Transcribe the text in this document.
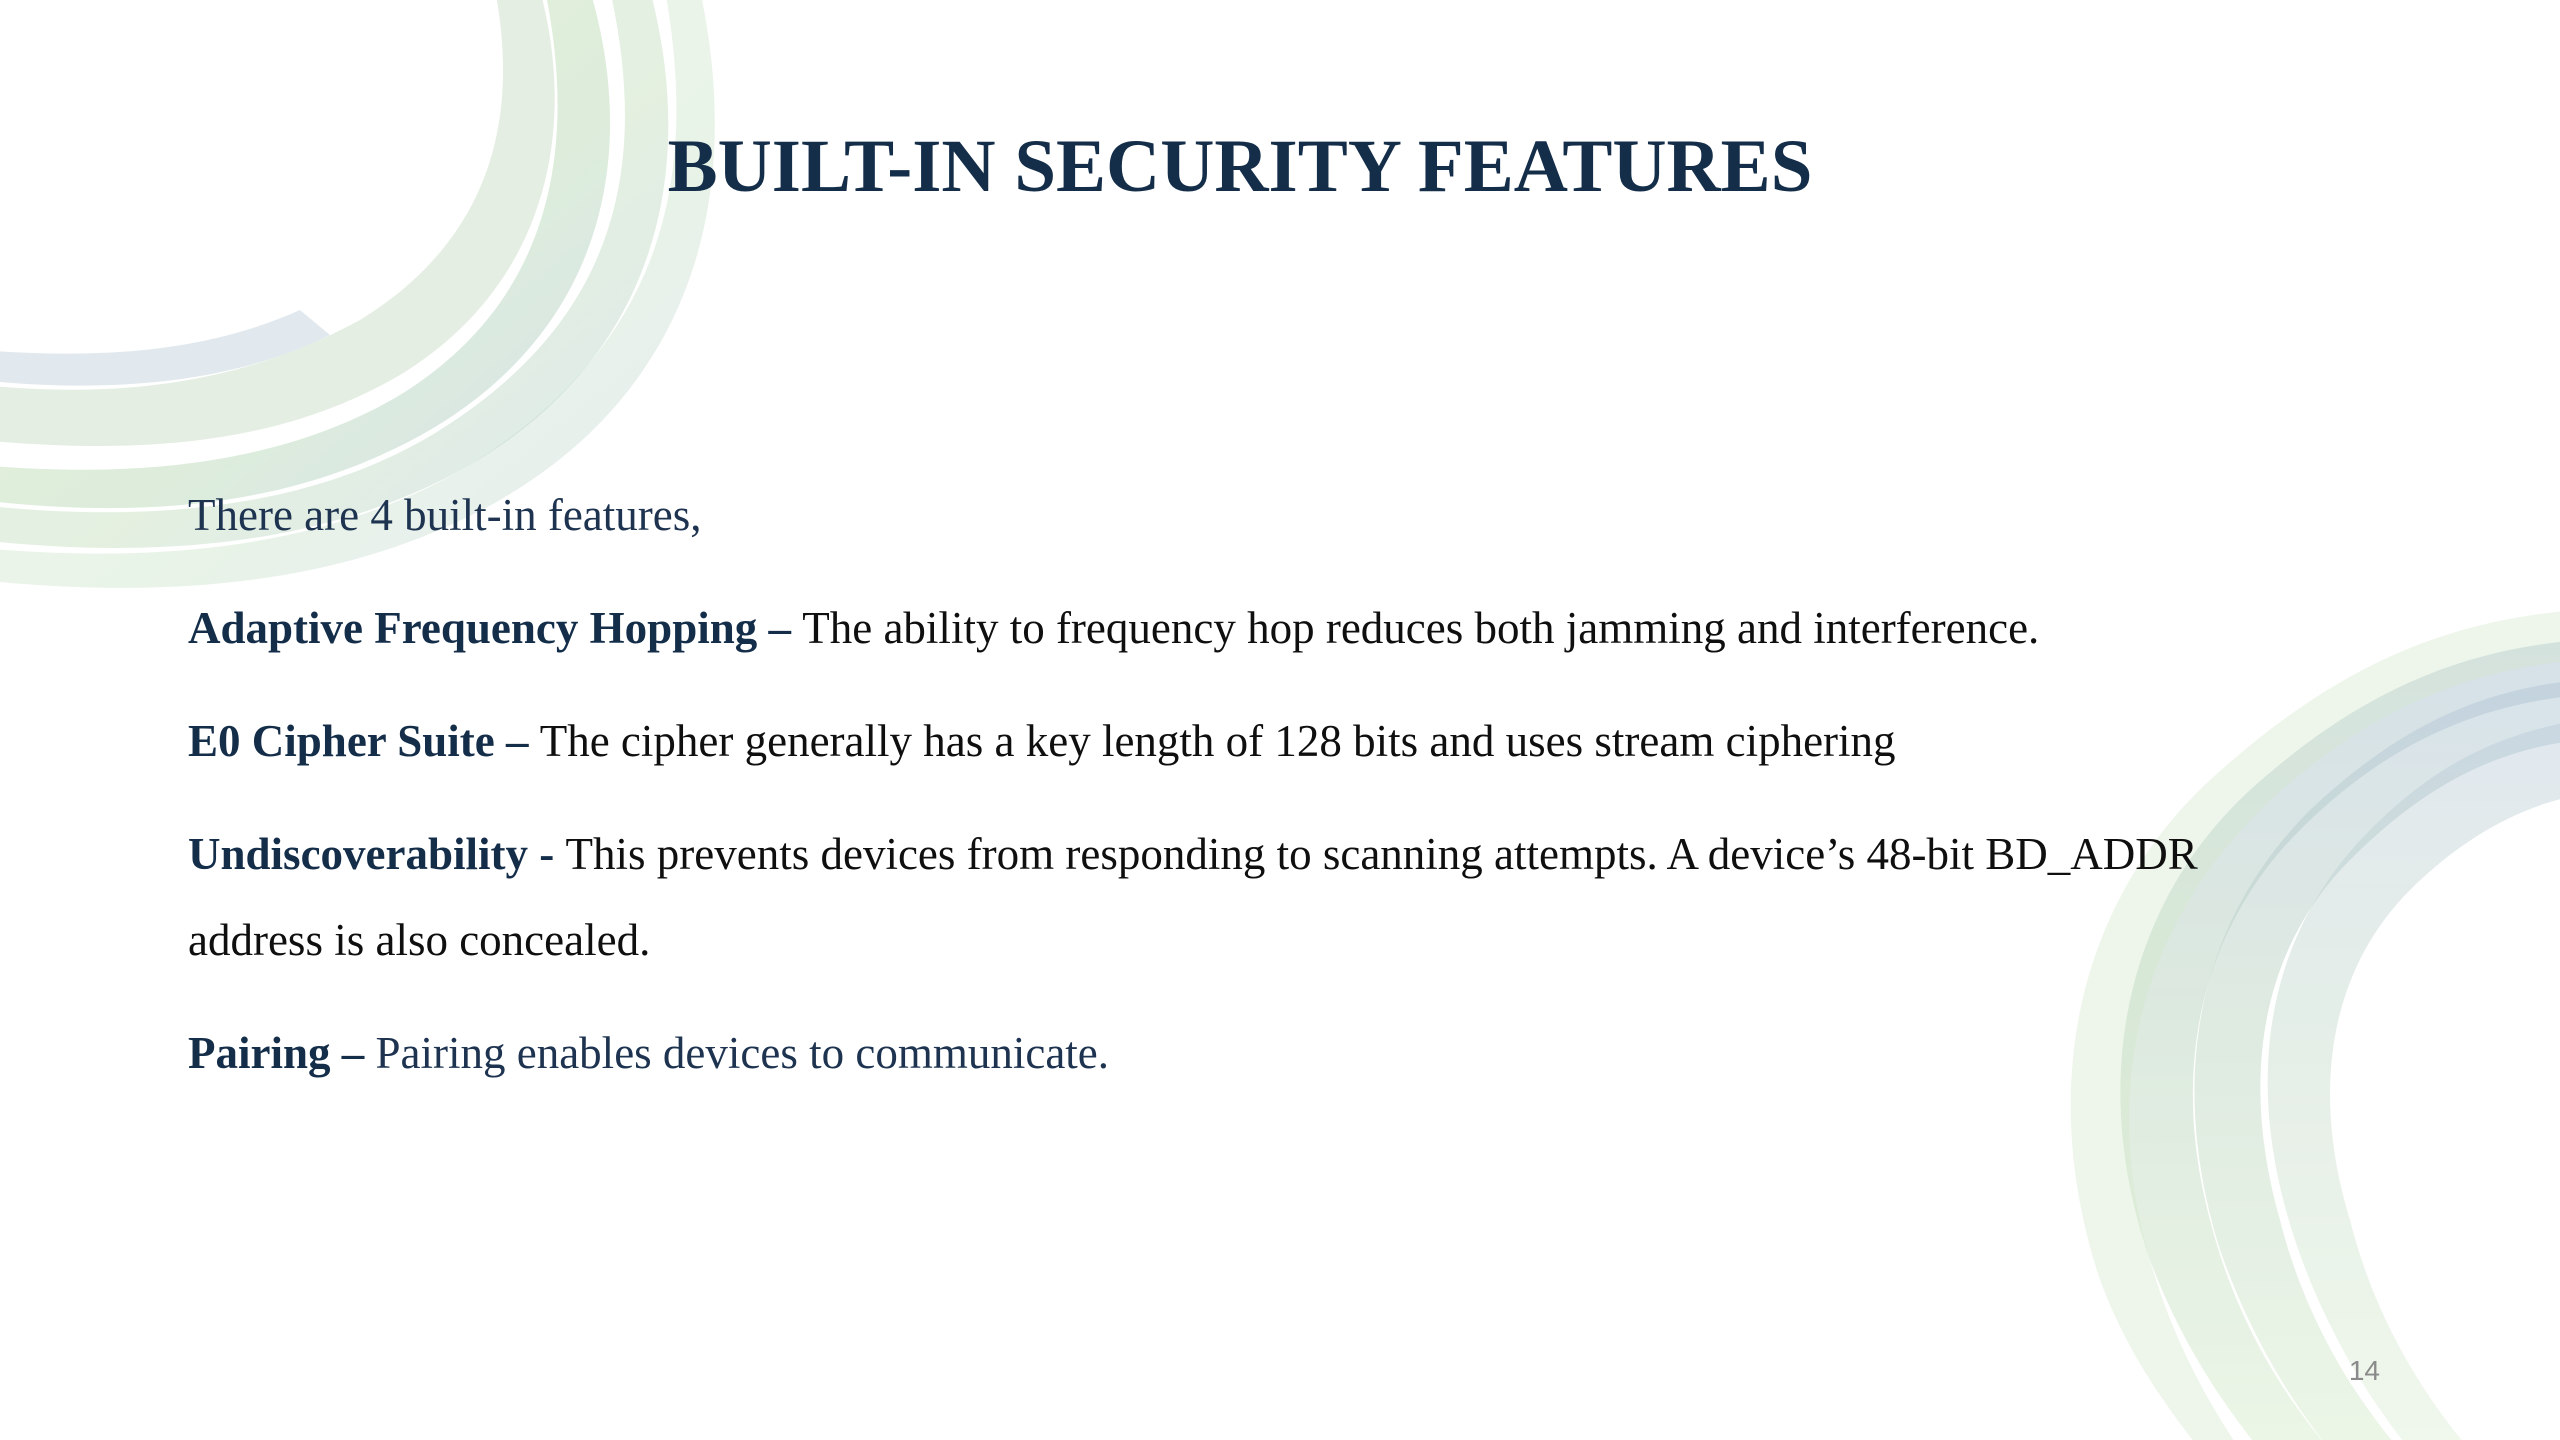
BUILT-IN SECURITY FEATURES

There are 4 built-in features,

Adaptive Frequency Hopping – The ability to frequency hop reduces both jamming and interference.

E0 Cipher Suite – The cipher generally has a key length of 128 bits and uses stream ciphering

Undiscoverability - This prevents devices from responding to scanning attempts. A device’s 48-bit BD_ADDR address is also concealed.

Pairing – Pairing enables devices to communicate.

14
